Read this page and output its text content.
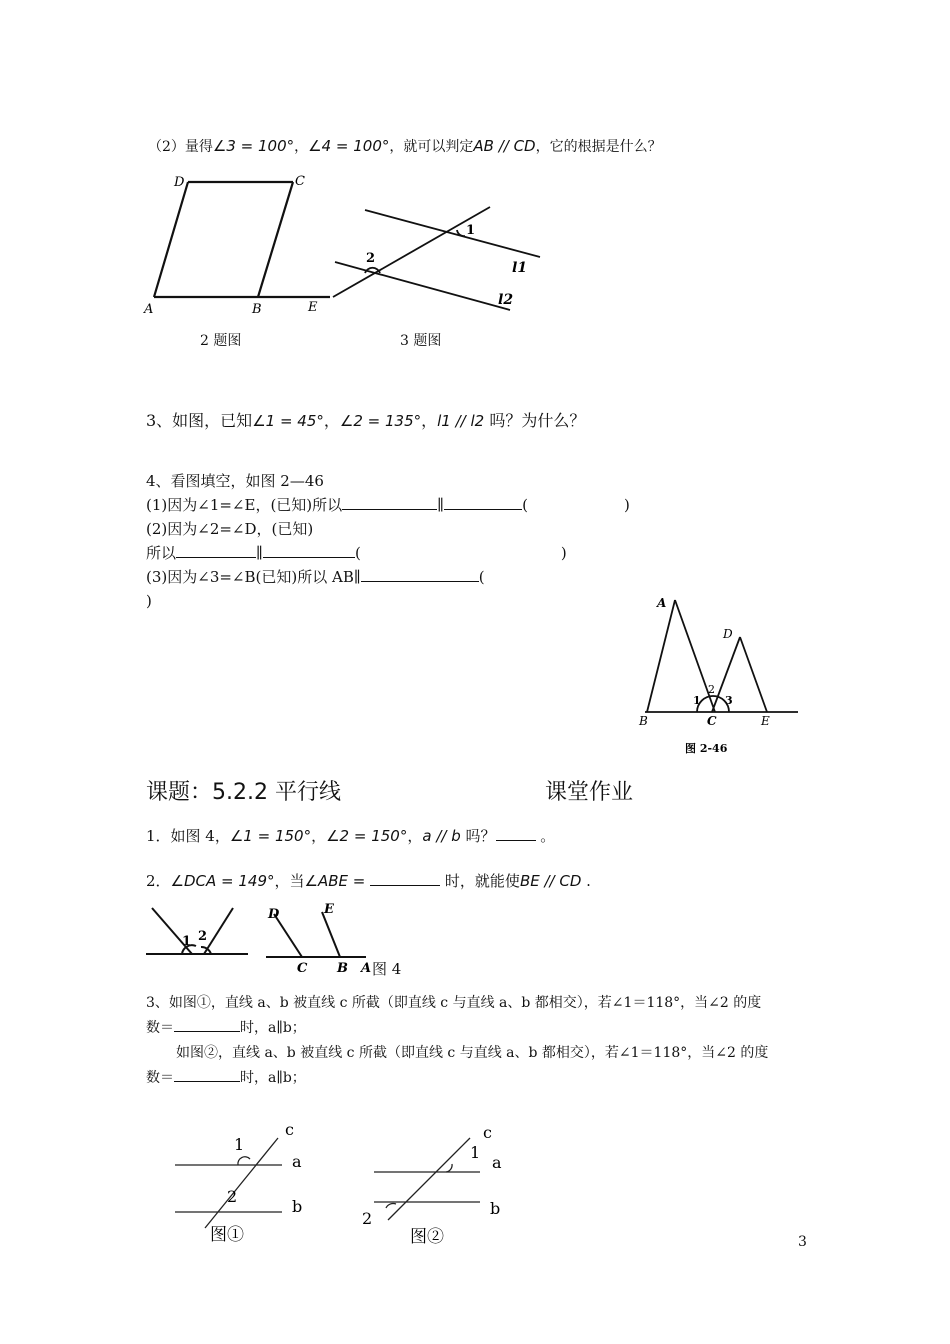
（2）量得∠3 = 100°，∠4 = 100°，就可以判定AB // CD，它的根据是什么？
D	C
A	B	E
2 题图
1
2
l1
l2
3 题图
3、如图，已知∠1 = 45°，∠2 = 135°，l1 // l2 吗？为什么？
4、看图填空，如图 2—46
(1)因为∠1=∠E，(已知)所以	∥	(	)
(2)因为∠2=∠D，(已知)
所以	∥	(	)
(3)因为∠3=∠B(已知)所以 AB∥	(
)	A
D
1
2
3
B	C	E
图 2-46
课题：5.2.2 平行线	课堂作业
1．如图 4，∠1 = 150°，∠2 = 150°，a // b 吗？	。
2．∠DCA = 149°，当∠ABE =	时，就能使BE // CD .
1 2
D	E
C B A 图 4
3、如图①，直线 a、b 被直线 c 所截（即直线 c 与直线 a、b 都相交），若∠1＝118°，当∠2 的度
数＝	时，a∥b；
如图②，直线 a、b 被直线 c 所截（即直线 c 与直线 a、b 都相交），若∠1＝118°，当∠2 的度
数＝	时，a∥b；
c
1
a
2
b
图①
c
1
a
b
2
图②	3
